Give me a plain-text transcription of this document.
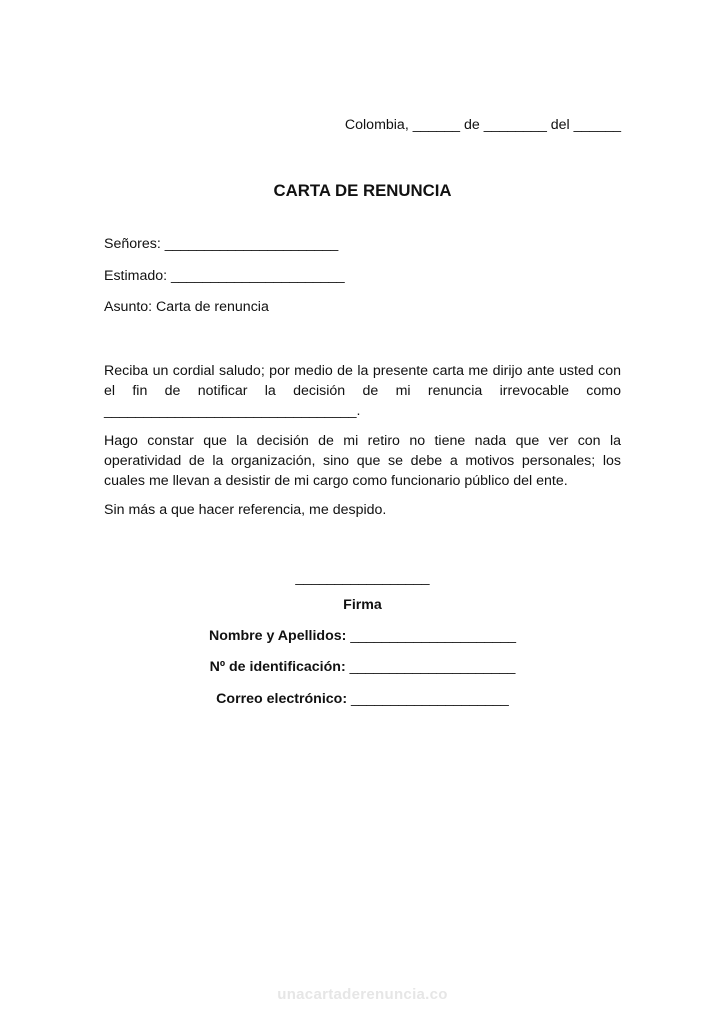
Colombia, ______ de ________ del ______
CARTA DE RENUNCIA
Señores: ______________________
Estimado: ______________________
Asunto: Carta de renuncia
Reciba un cordial saludo; por medio de la presente carta me dirijo ante usted con el fin de notificar la decisión de mi renuncia irrevocable como ________________________________.
Hago constar que la decisión de mi retiro no tiene nada que ver con la operatividad de la organización, sino que se debe a motivos personales; los cuales me llevan a desistir de mi cargo como funcionario público del ente.
Sin más a que hacer referencia, me despido.
_________________
Firma
Nombre y Apellidos: _____________________
Nº de identificación: _____________________
Correo electrónico: ____________________
unacartaderenuncia.co
